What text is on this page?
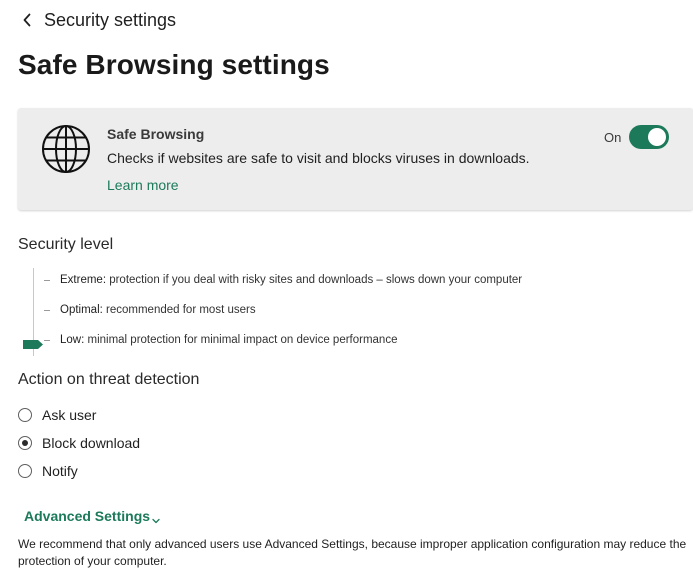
Security settings
Safe Browsing settings
Safe Browsing
Checks if websites are safe to visit and blocks viruses in downloads.
Learn more
On
Security level
Extreme: protection if you deal with risky sites and downloads – slows down your computer
Optimal: recommended for most users
Low: minimal protection for minimal impact on device performance
Action on threat detection
Ask user
Block download
Notify
Advanced Settings
We recommend that only advanced users use Advanced Settings, because improper application configuration may reduce the protection of your computer.
